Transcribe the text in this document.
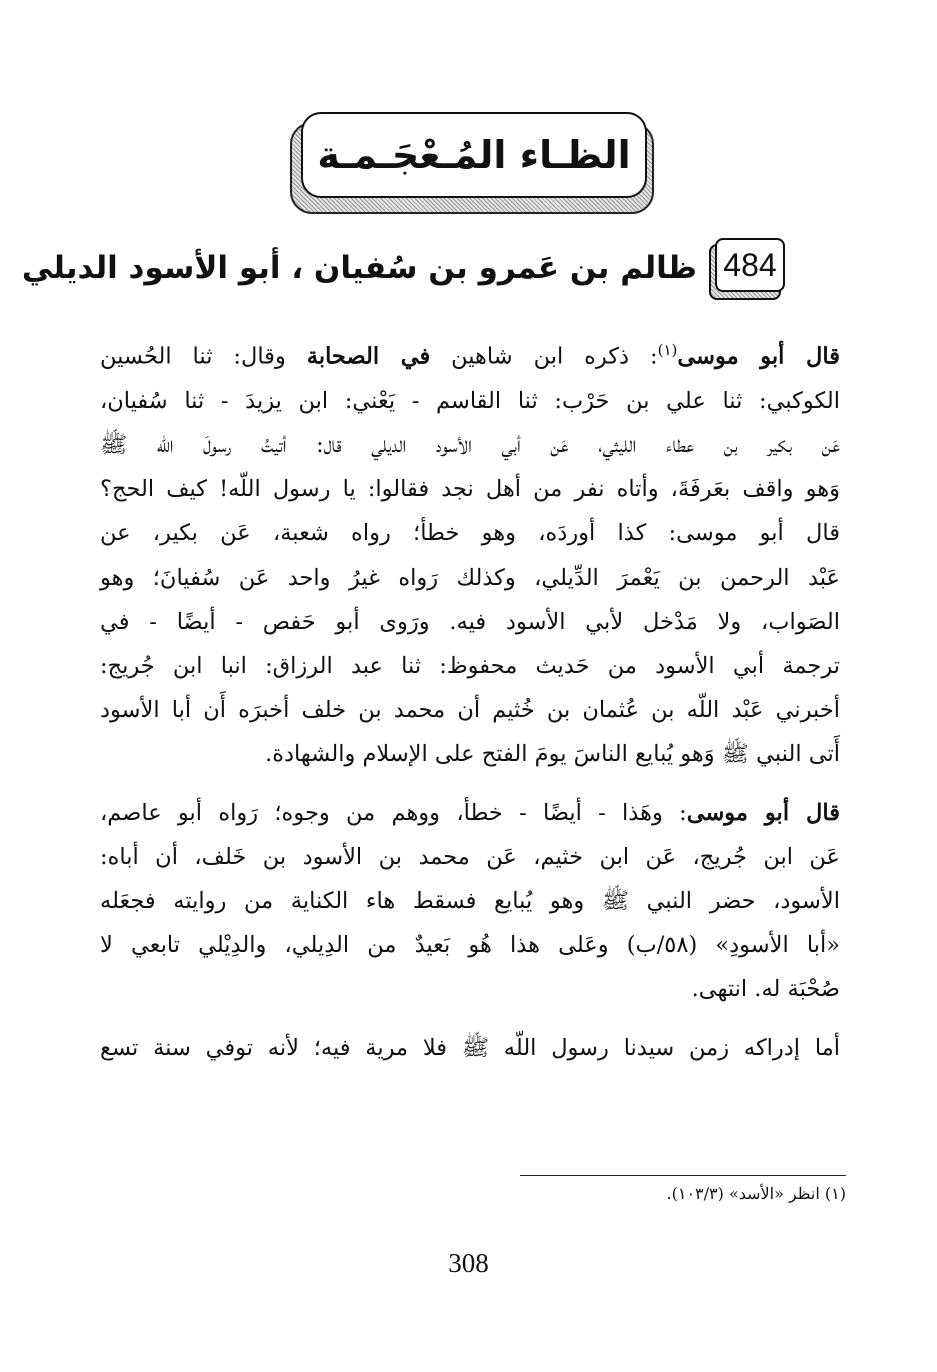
الظـاء المُـعْجَـمـة
484
ظالم بن عَمرو بن سُفيان ، أبو الأسود الديلي
قال أبو موسى$^{(١)}$: ذكره ابن شاهين في الصحابة وقال: ثنا الحُسين
الكوكبي: ثنا علي بن حَرْب: ثنا القاسم - يَعْني: ابن يزيدَ - ثنا سُفيان،
عَن بكير بن عطاء الليثي، عَن أبي الأسود الديلي قال: أتيتُ رسولَ اللّه ﷺ
وَهو واقف بعَرفَةَ، وأتاه نفر من أهل نجد فقالوا: يا رسول اللّه! كيف الحج؟
قال أبو موسى: كذا أوردَه، وهو خطأ؛ رواه شعبة، عَن بكير، عن
عَبْد الرحمن بن يَعْمرَ الدِّيلي، وكذلك رَواه غيرُ واحد عَن سُفيانَ؛ وهو
الصَواب، ولا مَدْخل لأبي الأسود فيه. ورَوى أبو حَفص - أيضًا - في
ترجمة أبي الأسود من حَديث محفوظ: ثنا عبد الرزاق: انبا ابن جُريج:
أخبرني عَبْد اللّه بن عُثمان بن خُثيم أن محمد بن خلف أخبرَه أَن أبا الأسود
أَتى النبي ﷺ وَهو يُبايع الناسَ يومَ الفتح على الإسلام والشهادة.
قال أبو موسى: وهَذا - أيضًا - خطأ، ووهم من وجوه؛ رَواه أبو عاصم،
عَن ابن جُريج، عَن ابن خثيم، عَن محمد بن الأسود بن خَلف، أن أباه:
الأسود، حضر النبي ﷺ وهو يُبايع فسقط هاء الكناية من روايته فجعَله
«أبا الأسودِ» (٥٨/ب) وعَلى هذا هُو بَعيدٌ من الدِيلي، والدِيْلي تابعي لا
صُحْبَة له. انتهى.
أما إدراكه زمن سيدنا رسول اللّه ﷺ فلا مرية فيه؛ لأنه توفي سنة تسع
(١) انظر «الأسد» (١٠٣/٣).
308
